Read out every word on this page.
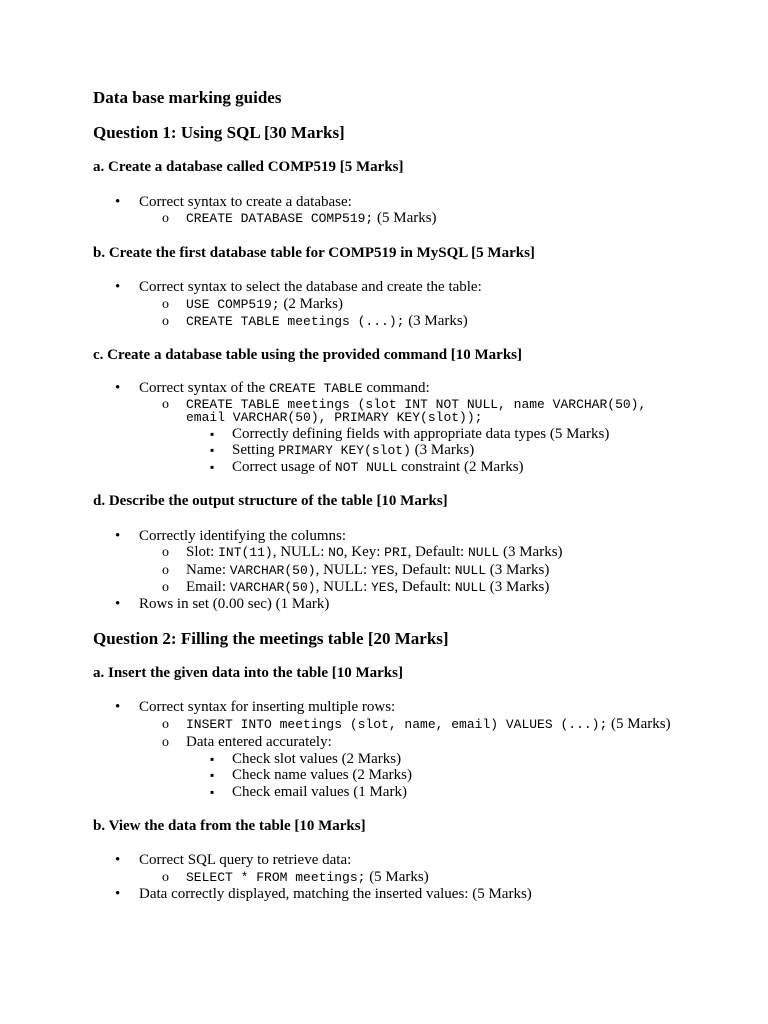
Data base marking guides
Question 1: Using SQL [30 Marks]
a. Create a database called COMP519 [5 Marks]
• Correct syntax to create a database:
o CREATE DATABASE COMP519; (5 Marks)
b. Create the first database table for COMP519 in MySQL [5 Marks]
• Correct syntax to select the database and create the table:
o USE COMP519; (2 Marks)
o CREATE TABLE meetings (...); (3 Marks)
c. Create a database table using the provided command [10 Marks]
• Correct syntax of the CREATE TABLE command:
o CREATE TABLE meetings (slot INT NOT NULL, name VARCHAR(50),
email VARCHAR(50), PRIMARY KEY(slot));
▪ Correctly defining fields with appropriate data types (5 Marks)
▪ Setting PRIMARY KEY(slot) (3 Marks)
▪ Correct usage of NOT NULL constraint (2 Marks)
d. Describe the output structure of the table [10 Marks]
• Correctly identifying the columns:
o Slot: INT(11), NULL: NO, Key: PRI, Default: NULL (3 Marks)
o Name: VARCHAR(50), NULL: YES, Default: NULL (3 Marks)
o Email: VARCHAR(50), NULL: YES, Default: NULL (3 Marks)
• Rows in set (0.00 sec) (1 Mark)
Question 2: Filling the meetings table [20 Marks]
a. Insert the given data into the table [10 Marks]
• Correct syntax for inserting multiple rows:
o INSERT INTO meetings (slot, name, email) VALUES (...); (5 Marks)
o Data entered accurately:
▪ Check slot values (2 Marks)
▪ Check name values (2 Marks)
▪ Check email values (1 Mark)
b. View the data from the table [10 Marks]
• Correct SQL query to retrieve data:
o SELECT * FROM meetings; (5 Marks)
• Data correctly displayed, matching the inserted values: (5 Marks)
